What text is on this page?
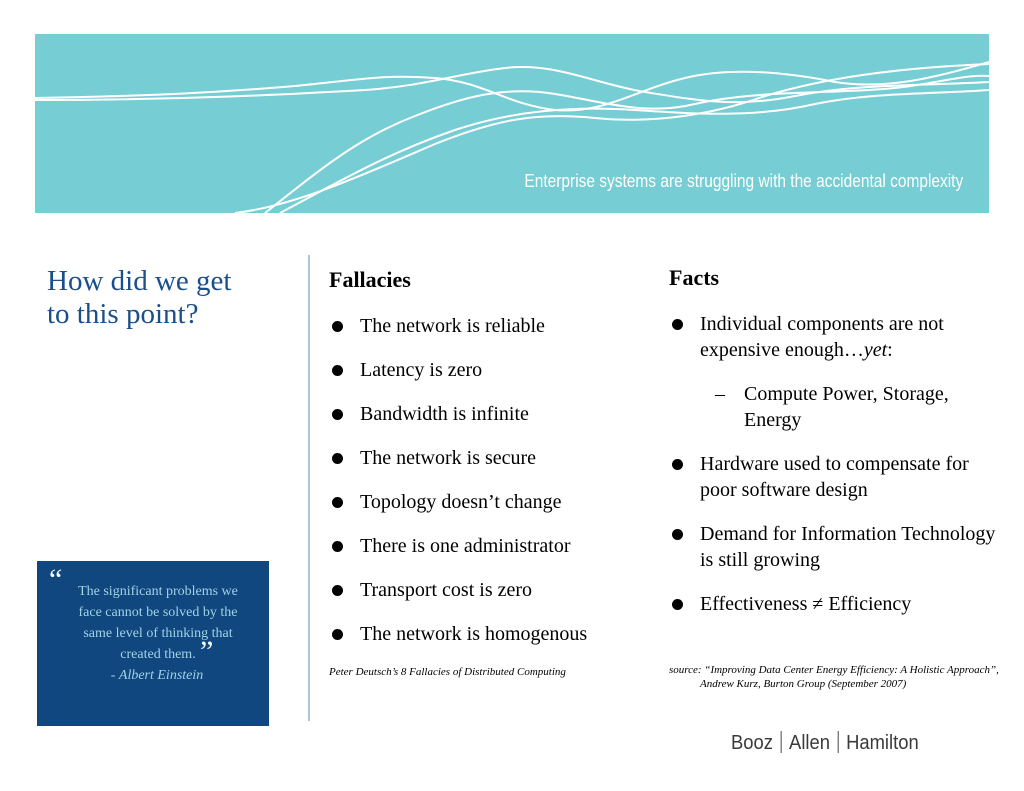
Enterprise systems are struggling with the accidental complexity
How did we get
to this point?
“	The significant problems we face cannot be solved by the same level of thinking that created them. ”
- Albert Einstein
Fallacies
The network is reliable
Latency is zero
Bandwidth is infinite
The network is secure
Topology doesn’t change
There is one administrator
Transport cost is zero
The network is homogenous
Peter Deutsch’s 8 Fallacies of Distributed Computing
Facts
Individual components are not expensive enough…yet:
– Compute Power, Storage, Energy
Hardware used to compensate for poor software design
Demand for Information Technology is still growing
Effectiveness ≠ Efficiency
source: “Improving Data Center Energy Efficiency: A Holistic Approach”, Andrew Kurz, Burton Group (September 2007)
Booz Allen Hamilton
